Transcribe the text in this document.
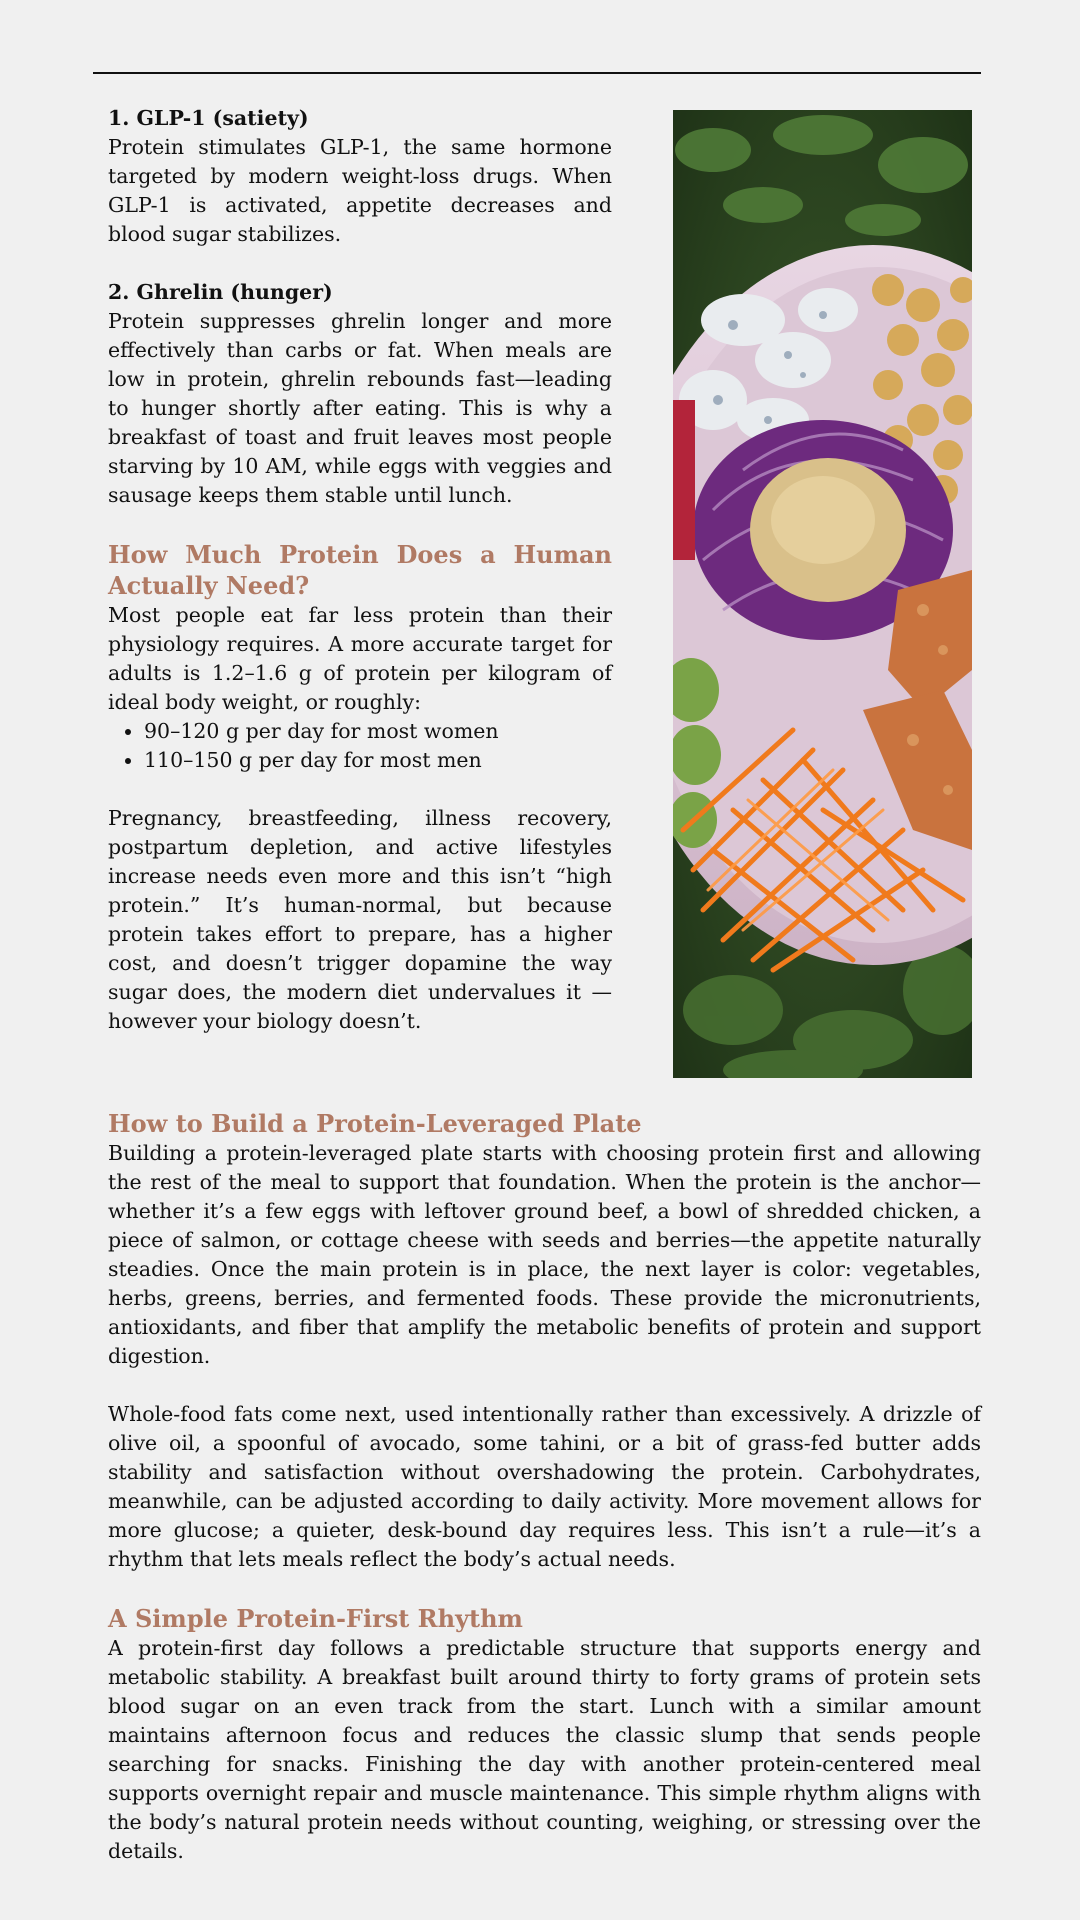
1. GLP-1 (satiety)

Protein stimulates GLP-1, the same hormone targeted by modern weight-loss drugs. When GLP-1 is activated, appetite decreases and blood sugar stabilizes.

2. Ghrelin (hunger)

Protein suppresses ghrelin longer and more effectively than carbs or fat. When meals are low in protein, ghrelin rebounds fast—leading to hunger shortly after eating. This is why a breakfast of toast and fruit leaves most people starving by 10 AM, while eggs with veggies and sausage keeps them stable until lunch.

How Much Protein Does a Human Actually Need?

Most people eat far less protein than their physiology requires. A more accurate target for adults is 1.2–1.6 g of protein per kilogram of ideal body weight, or roughly:

• 90–120 g per day for most women
• 110–150 g per day for most men

Pregnancy, breastfeeding, illness recovery, postpartum depletion, and active lifestyles increase needs even more and this isn’t “high protein.” It’s human-normal, but because protein takes effort to prepare, has a higher cost, and doesn’t trigger dopamine the way sugar does, the modern diet undervalues it — however your biology doesn’t.

How to Build a Protein-Leveraged Plate

Building a protein-leveraged plate starts with choosing protein first and allowing the rest of the meal to support that foundation. When the protein is the anchor—whether it’s a few eggs with leftover ground beef, a bowl of shredded chicken, a piece of salmon, or cottage cheese with seeds and berries—the appetite naturally steadies. Once the main protein is in place, the next layer is color: vegetables, herbs, greens, berries, and fermented foods. These provide the micronutrients, antioxidants, and fiber that amplify the metabolic benefits of protein and support digestion.

Whole-food fats come next, used intentionally rather than excessively. A drizzle of olive oil, a spoonful of avocado, some tahini, or a bit of grass-fed butter adds stability and satisfaction without overshadowing the protein. Carbohydrates, meanwhile, can be adjusted according to daily activity. More movement allows for more glucose; a quieter, desk-bound day requires less. This isn’t a rule—it’s a rhythm that lets meals reflect the body’s actual needs.

A Simple Protein-First Rhythm

A protein-first day follows a predictable structure that supports energy and metabolic stability. A breakfast built around thirty to forty grams of protein sets blood sugar on an even track from the start. Lunch with a similar amount maintains afternoon focus and reduces the classic slump that sends people searching for snacks. Finishing the day with another protein-centered meal supports overnight repair and muscle maintenance. This simple rhythm aligns with the body’s natural protein needs without counting, weighing, or stressing over the details.
